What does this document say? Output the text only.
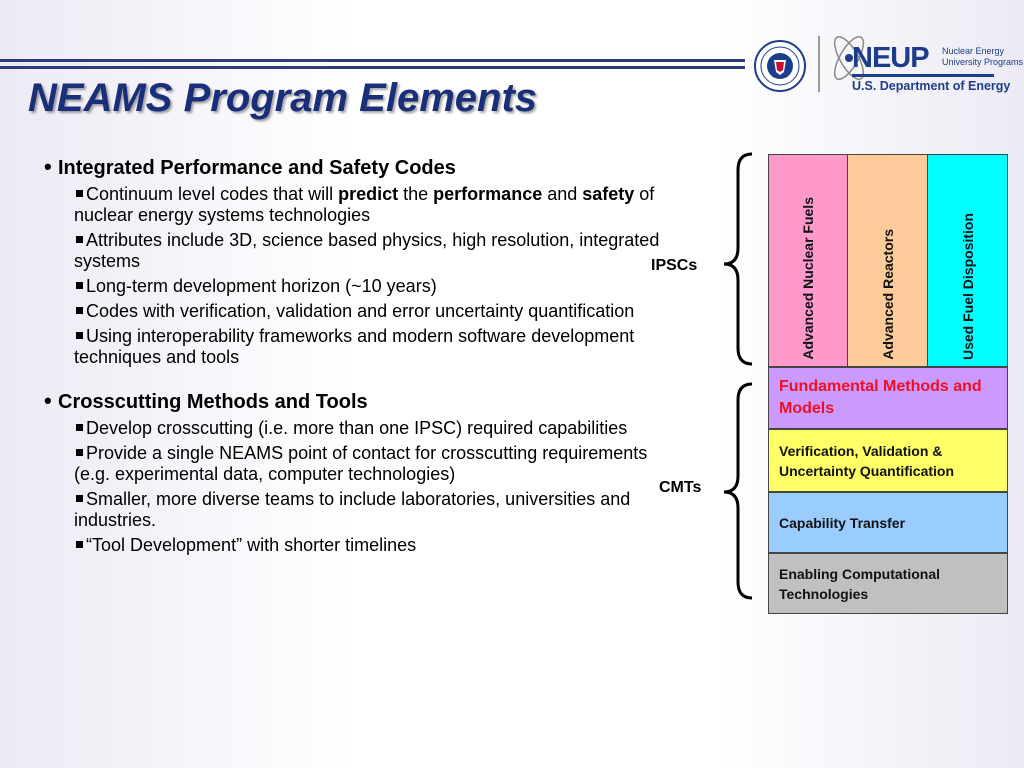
NEAMS Program Elements
NEUP Nuclear Energy
University Programs
U.S. Department of Energy
• Integrated Performance and Safety Codes
Continuum level codes that will predict the performance and safety of nuclear energy systems technologies
Attributes include 3D, science based physics, high resolution, integrated systems
Long-term development horizon (~10 years)
Codes with verification, validation and error uncertainty quantification
Using interoperability frameworks and modern software development techniques and tools
• Crosscutting Methods and Tools
Develop crosscutting (i.e. more than one IPSC) required capabilities
Provide a single NEAMS point of contact for crosscutting requirements (e.g. experimental data, computer technologies)
Smaller, more diverse teams to include laboratories, universities and industries.
“Tool Development” with shorter timelines
IPSCs
CMTs
Advanced Nuclear Fuels	Advanced Reactors	Used Fuel Disposition
Fundamental Methods and Models
Verification, Validation & Uncertainty Quantification
Capability Transfer
Enabling Computational Technologies
